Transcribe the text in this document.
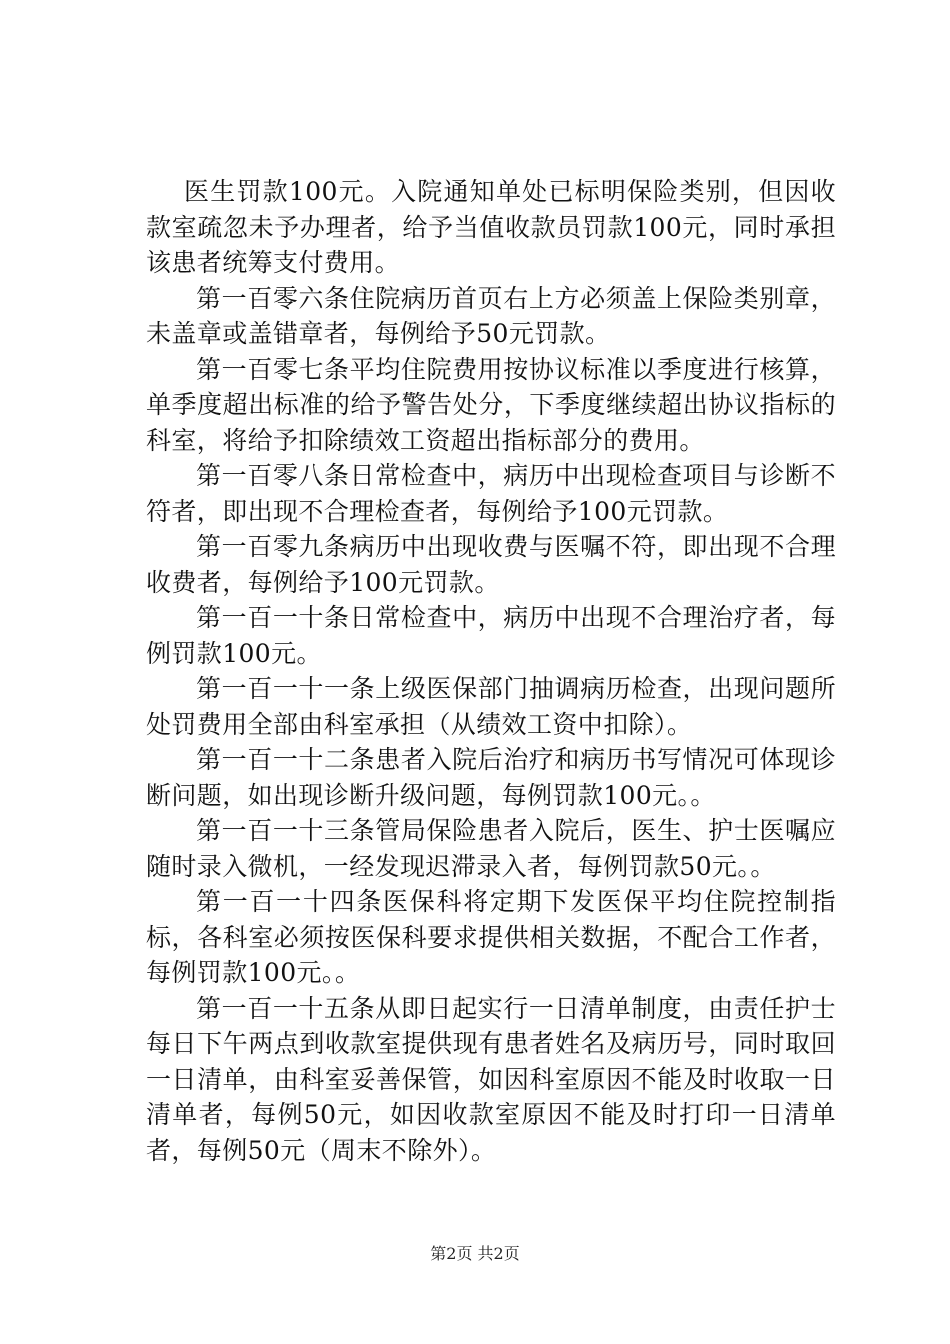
医生罚款100元。入院通知单处已标明保险类别，但因收款室疏忽未予办理者，给予当值收款员罚款100元，同时承担该患者统筹支付费用。

第一百零六条住院病历首页右上方必须盖上保险类别章，未盖章或盖错章者，每例给予50元罚款。

第一百零七条平均住院费用按协议标准以季度进行核算，单季度超出标准的给予警告处分，下季度继续超出协议指标的科室，将给予扣除绩效工资超出指标部分的费用。

第一百零八条日常检查中，病历中出现检查项目与诊断不符者，即出现不合理检查者，每例给予100元罚款。

第一百零九条病历中出现收费与医嘱不符，即出现不合理收费者，每例给予100元罚款。

第一百一十条日常检查中，病历中出现不合理治疗者，每例罚款100元。

第一百一十一条上级医保部门抽调病历检查，出现问题所处罚费用全部由科室承担（从绩效工资中扣除）。

第一百一十二条患者入院后治疗和病历书写情况可体现诊断问题，如出现诊断升级问题，每例罚款100元。。

第一百一十三条管局保险患者入院后，医生、护士医嘱应随时录入微机，一经发现迟滞录入者，每例罚款50元。。

第一百一十四条医保科将定期下发医保平均住院控制指标，各科室必须按医保科要求提供相关数据，不配合工作者，每例罚款100元。。

第一百一十五条从即日起实行一日清单制度，由责任护士每日下午两点到收款室提供现有患者姓名及病历号，同时取回一日清单，由科室妥善保管，如因科室原因不能及时收取一日清单者，每例50元，如因收款室原因不能及时打印一日清单者，每例50元（周末不除外）。

第2页 共2页
